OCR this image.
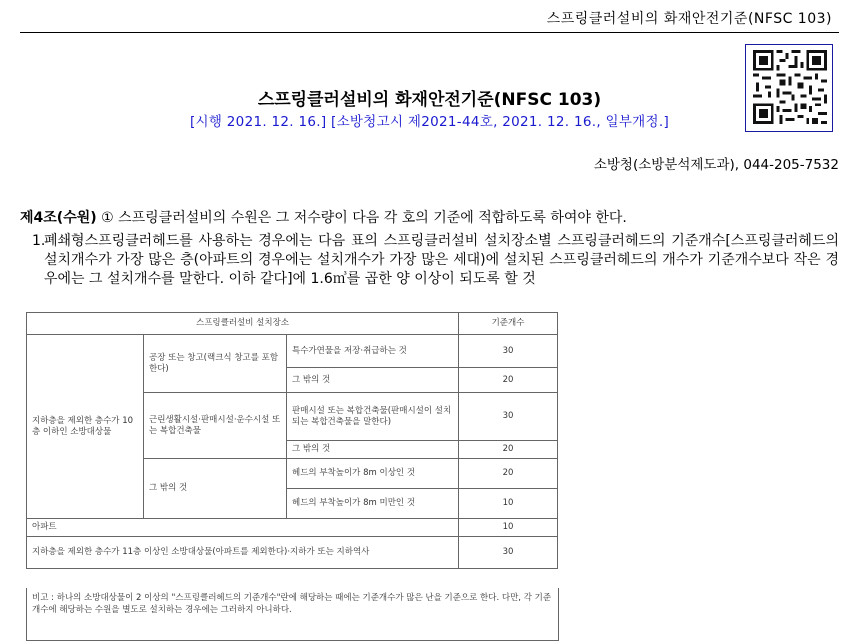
스프링클러설비의 화재안전기준(NFSC 103)
스프링클러설비의 화재안전기준(NFSC 103)
[시행 2021. 12. 16.] [소방청고시 제2021-44호, 2021. 12. 16., 일부개정.]
소방청(소방분석제도과), 044-205-7532
제4조(수원) ① 스프링클러설비의 수원은 그 저수량이 다음 각 호의 기준에 적합하도록 하여야 한다.
1.
폐쇄형스프링클러헤드를 사용하는 경우에는 다음 표의 스프링클러설비 설치장소별 스프링클러헤드의 기준개수[스프링클러헤드의 설치개수가 가장 많은 층(아파트의 경우에는 설치개수가 가장 많은 세대)에 설치된 스프링클러헤드의 개수가 기준개수보다 작은 경우에는 그 설치개수를 말한다. 이하 같다]에 1.6㎥를 곱한 양 이상이 되도록 할 것
스프링클러설비 설치장소			기준개수
지하층을 제외한 층수가 10층 이하인 소방대상물	공장 또는 창고(랙크식 창고를 포함한다)	특수가연물을 저장·취급하는 것	30
		그 밖의 것	20
	근린생활시설·판매시설·운수시설 또는 복합건축물	판매시설 또는 복합건축물(판매시설이 설치되는 복합건축물을 말한다)	30
		그 밖의 것	20
	그 밖의 것	헤드의 부착높이가 8m 이상인 것	20
		헤드의 부착높이가 8m 미만인 것	10
아파트			10
지하층을 제외한 층수가 11층 이상인 소방대상물(아파트를 제외한다)·지하가 또는 지하역사			30
비고 : 하나의 소방대상물이 2 이상의 "스프링클러헤드의 기준개수"란에 해당하는 때에는 기준개수가 많은 난을 기준으로 한다. 다만, 각 기준개수에 해당하는 수원을 별도로 설치하는 경우에는 그러하지 아니하다.
